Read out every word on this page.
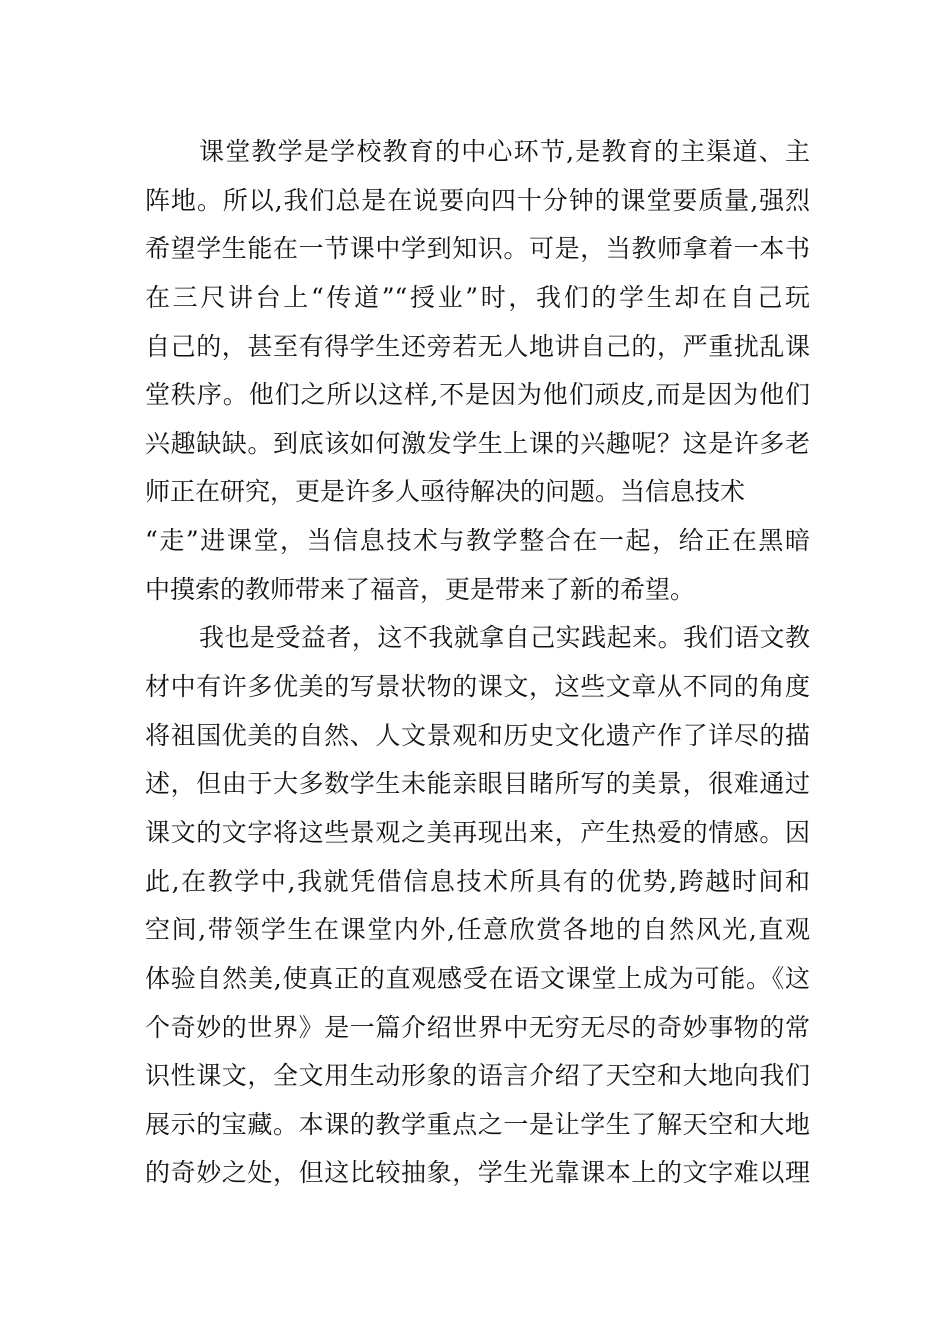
课堂教学是学校教育的中心环节,是教育的主渠道、主
阵地。所以,我们总是在说要向四十分钟的课堂要质量,强烈
希望学生能在一节课中学到知识。可是，当教师拿着一本书
在三尺讲台上“传道”“授业”时，我们的学生却在自己玩
自己的，甚至有得学生还旁若无人地讲自己的，严重扰乱课
堂秩序。他们之所以这样,不是因为他们顽皮,而是因为他们
兴趣缺缺。到底该如何激发学生上课的兴趣呢？这是许多老
师正在研究，更是许多人亟待解决的问题。当信息技术
“走”进课堂，当信息技术与教学整合在一起，给正在黑暗
中摸索的教师带来了福音，更是带来了新的希望。
我也是受益者，这不我就拿自己实践起来。我们语文教
材中有许多优美的写景状物的课文，这些文章从不同的角度
将祖国优美的自然、人文景观和历史文化遗产作了详尽的描
述，但由于大多数学生未能亲眼目睹所写的美景，很难通过
课文的文字将这些景观之美再现出来，产生热爱的情感。因
此,在教学中,我就凭借信息技术所具有的优势,跨越时间和
空间,带领学生在课堂内外,任意欣赏各地的自然风光,直观
体验自然美,使真正的直观感受在语文课堂上成为可能。《这
个奇妙的世界》是一篇介绍世界中无穷无尽的奇妙事物的常
识性课文，全文用生动形象的语言介绍了天空和大地向我们
展示的宝藏。本课的教学重点之一是让学生了解天空和大地
的奇妙之处，但这比较抽象，学生光靠课本上的文字难以理
